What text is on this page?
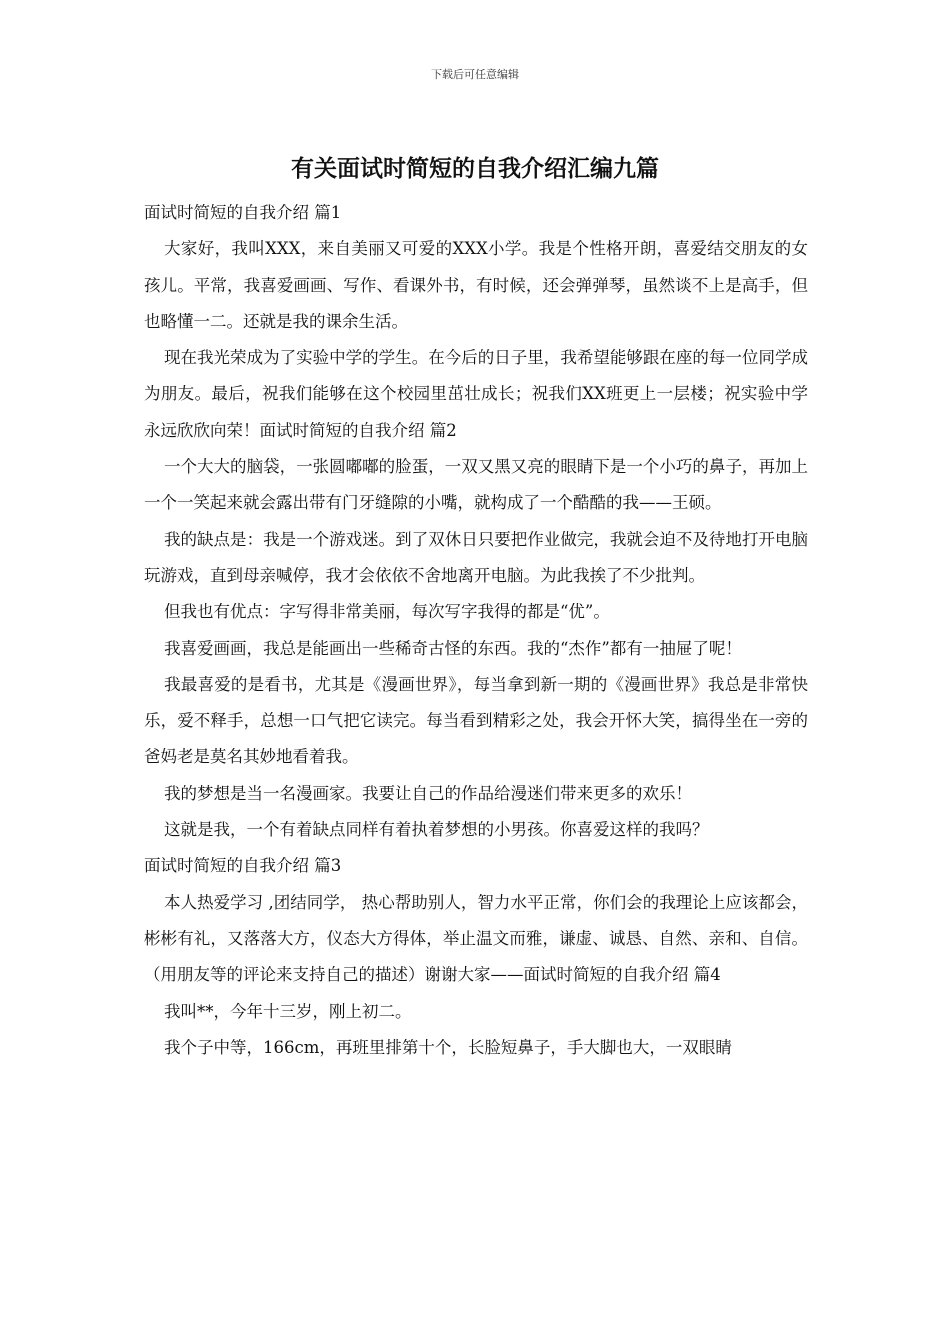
下载后可任意编辑
有关面试时简短的自我介绍汇编九篇

面试时简短的自我介绍 篇1

大家好，我叫XXX，来自美丽又可爱的XXX小学。我是个性格开朗，喜爱结交朋友的女孩儿。平常，我喜爱画画、写作、看课外书，有时候，还会弹弹琴，虽然谈不上是高手，但也略懂一二。还就是我的课余生活。

现在我光荣成为了实验中学的学生。在今后的日子里，我希望能够跟在座的每一位同学成为朋友。最后，祝我们能够在这个校园里茁壮成长；祝我们XX班更上一层楼；祝实验中学永远欣欣向荣！面试时简短的自我介绍 篇2

一个大大的脑袋，一张圆嘟嘟的脸蛋，一双又黑又亮的眼睛下是一个小巧的鼻子，再加上一个一笑起来就会露出带有门牙缝隙的小嘴，就构成了一个酷酷的我——王硕。

我的缺点是：我是一个游戏迷。到了双休日只要把作业做完，我就会迫不及待地打开电脑玩游戏，直到母亲喊停，我才会依依不舍地离开电脑。为此我挨了不少批判。

但我也有优点：字写得非常美丽，每次写字我得的都是“优”。

我喜爱画画，我总是能画出一些稀奇古怪的东西。我的“杰作”都有一抽屉了呢！

我最喜爱的是看书，尤其是《漫画世界》，每当拿到新一期的《漫画世界》我总是非常快乐，爱不释手，总想一口气把它读完。每当看到精彩之处，我会开怀大笑，搞得坐在一旁的爸妈老是莫名其妙地看着我。

我的梦想是当一名漫画家。我要让自己的作品给漫迷们带来更多的欢乐！

这就是我，一个有着缺点同样有着执着梦想的小男孩。你喜爱这样的我吗？

面试时简短的自我介绍 篇3

本人热爱学习 ,团结同学， 热心帮助别人，智力水平正常，你们会的我理论上应该都会，彬彬有礼，又落落大方，仪态大方得体，举止温文而雅，谦虚、诚恳、自然、亲和、自信。（用朋友等的评论来支持自己的描述）谢谢大家——面试时简短的自我介绍 篇4

我叫**，今年十三岁，刚上初二。

我个子中等，166cm，再班里排第十个，长脸短鼻子，手大脚也大，一双眼睛
